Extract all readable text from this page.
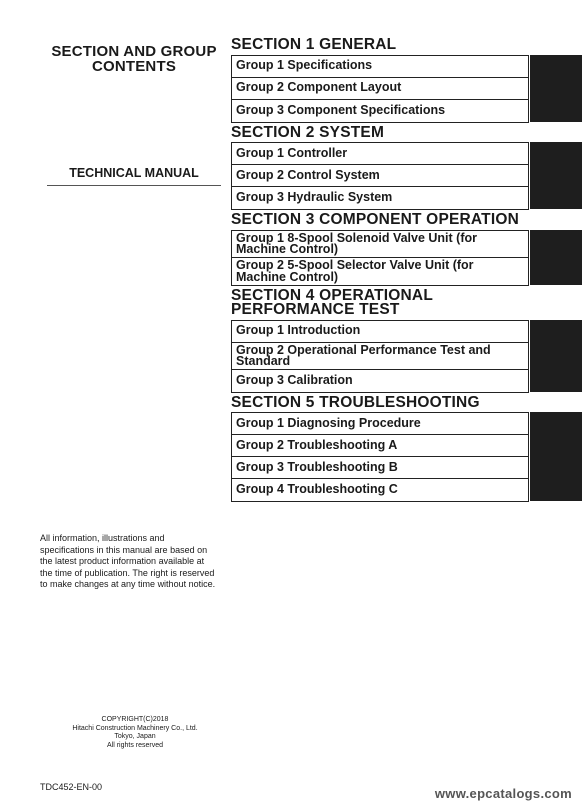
SECTION AND GROUP
CONTENTS
TECHNICAL MANUAL
All information, illustrations and specifications in this manual are based on the latest product information available at the time of publication. The right is reserved to make changes at any time without notice.
COPYRIGHT(C)2018
Hitachi Construction Machinery Co., Ltd.
Tokyo, Japan
All rights reserved
TDC452-EN-00	www.epcatalogs.com
SECTION 1 GENERAL
Group 1 Specifications
Group 2 Component Layout
Group 3 Component Specifications
SECTION 2 SYSTEM
Group 1 Controller
Group 2 Control System
Group 3 Hydraulic System
SECTION 3 COMPONENT OPERATION
Group 1 8-Spool Solenoid Valve Unit (for Machine Control)
Group 2 5-Spool Selector Valve Unit (for Machine Control)
SECTION 4 OPERATIONAL PERFORMANCE TEST
Group 1 Introduction
Group 2 Operational Performance Test and Standard
Group 3 Calibration
SECTION 5 TROUBLESHOOTING
Group 1 Diagnosing Procedure
Group 2 Troubleshooting A
Group 3 Troubleshooting B
Group 4 Troubleshooting C
